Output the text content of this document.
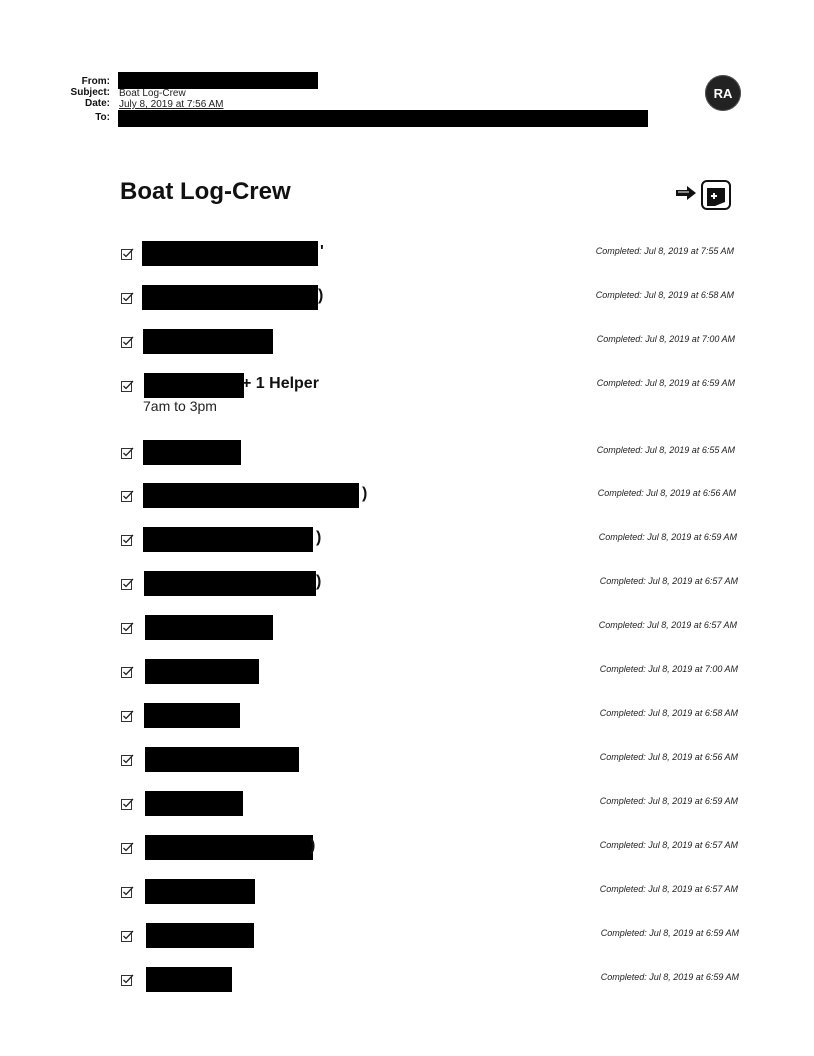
From:
Subject: Boat Log-Crew
Date: July 8, 2019 at 7:56 AM
To:
RA
Boat Log-Crew
'	Completed: Jul 8, 2019 at 7:55 AM
)	Completed: Jul 8, 2019 at 6:58 AM
Completed: Jul 8, 2019 at 7:00 AM
+ 1 Helper
7am to 3pm
Completed: Jul 8, 2019 at 6:59 AM
Completed: Jul 8, 2019 at 6:55 AM
)	Completed: Jul 8, 2019 at 6:56 AM
)	Completed: Jul 8, 2019 at 6:59 AM
)	Completed: Jul 8, 2019 at 6:57 AM
Completed: Jul 8, 2019 at 6:57 AM
Completed: Jul 8, 2019 at 7:00 AM
Completed: Jul 8, 2019 at 6:58 AM
Completed: Jul 8, 2019 at 6:56 AM
Completed: Jul 8, 2019 at 6:59 AM
)	Completed: Jul 8, 2019 at 6:57 AM
Completed: Jul 8, 2019 at 6:57 AM
Completed: Jul 8, 2019 at 6:59 AM
Completed: Jul 8, 2019 at 6:59 AM
